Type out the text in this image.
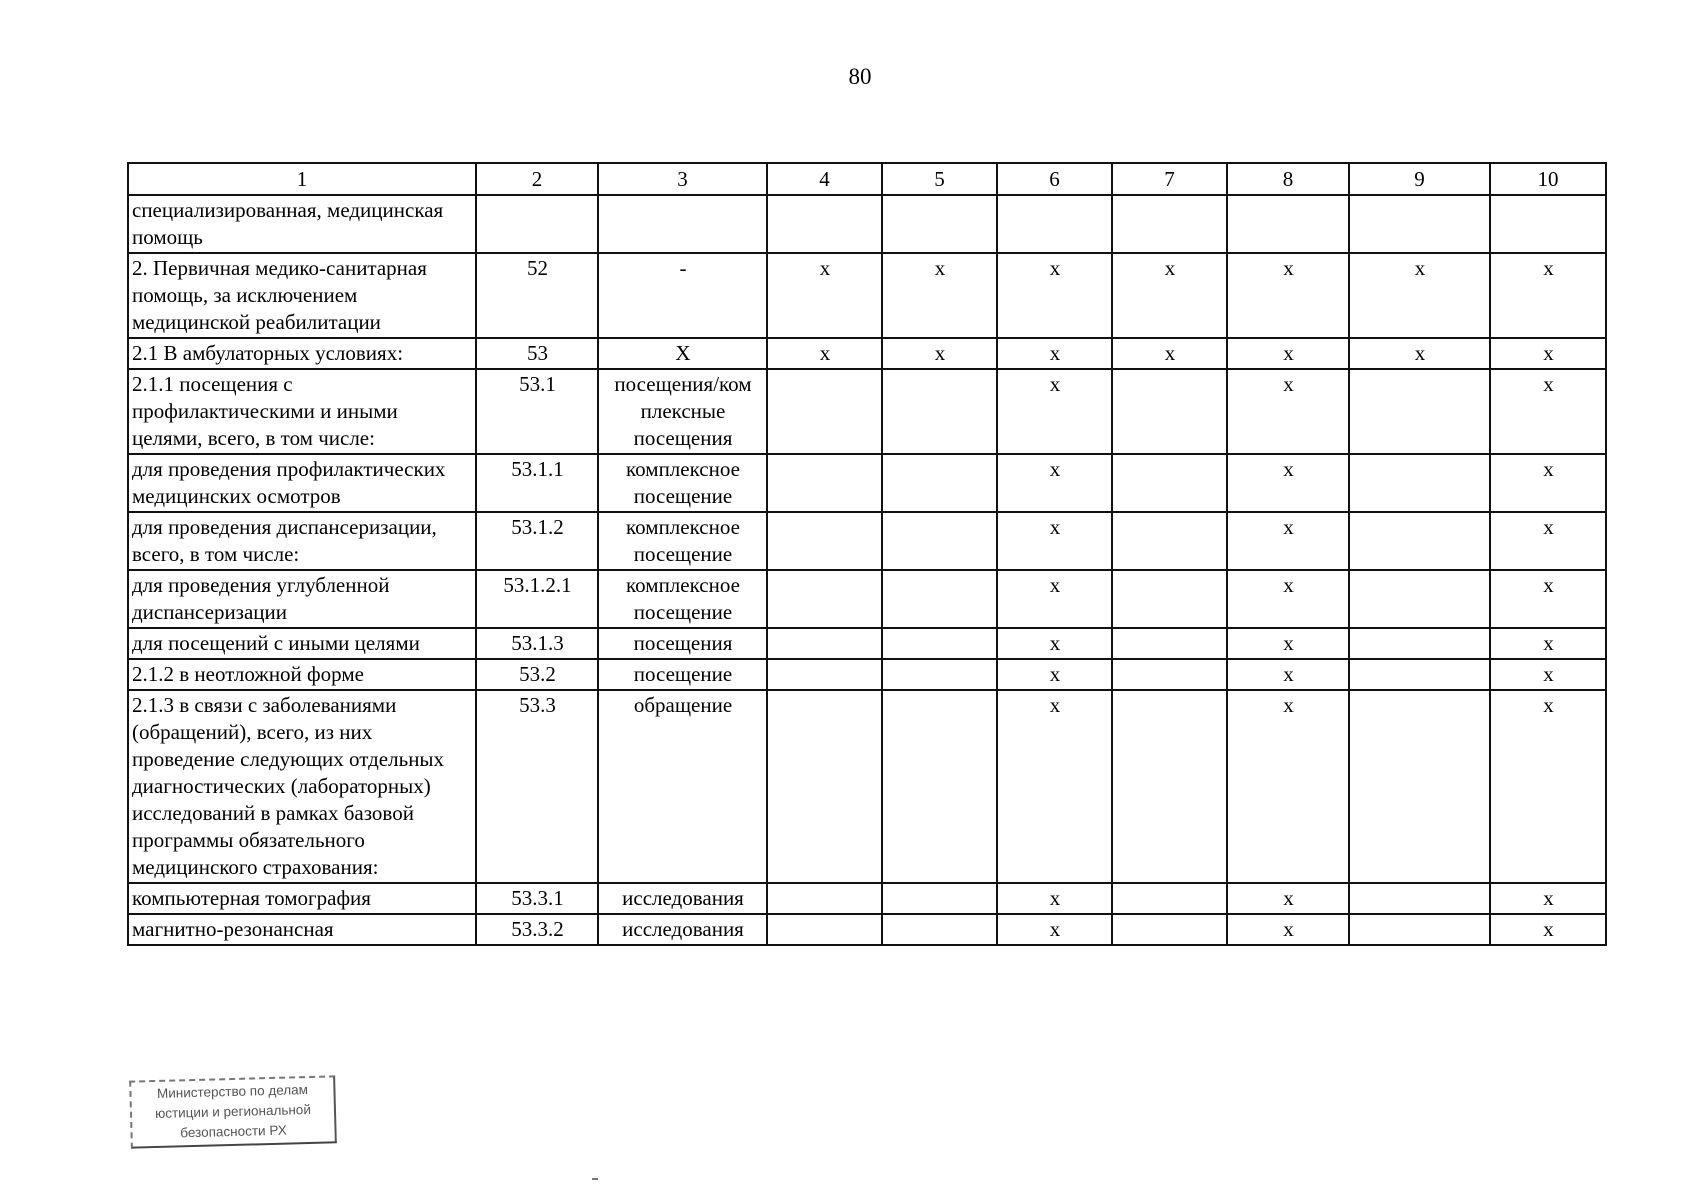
80
1	2	3	4	5	6	7	8	9	10
специализированная, медицинская помощь									
2. Первичная медико-санитарная помощь, за исключением медицинской реабилитации	52	-	х	х	х	х	х	х	х
2.1 В амбулаторных условиях:	53	X	х	х	х	х	х	х	х
2.1.1 посещения с профилактическими и иными целями, всего, в том числе:	53.1	посещения/ком плексные посещения			х		х		х
для проведения профилактических медицинских осмотров	53.1.1	комплексное посещение			х		х		х
для проведения диспансеризации, всего, в том числе:	53.1.2	комплексное посещение			х		х		х
для проведения углубленной диспансеризации	53.1.2.1	комплексное посещение			х		х		х
для посещений с иными целями	53.1.3	посещения			х		х		х
2.1.2 в неотложной форме	53.2	посещение			х		х		х
2.1.3 в связи с заболеваниями (обращений), всего, из них проведение следующих отдельных диагностических (лабораторных) исследований в рамках базовой программы обязательного медицинского страхования:	53.3	обращение			х		х		х
компьютерная томография	53.3.1	исследования			х		х		х
магнитно-резонансная	53.3.2	исследования			х		х		х
Министерство по делам
юстиции и региональной
безопасности РХ
